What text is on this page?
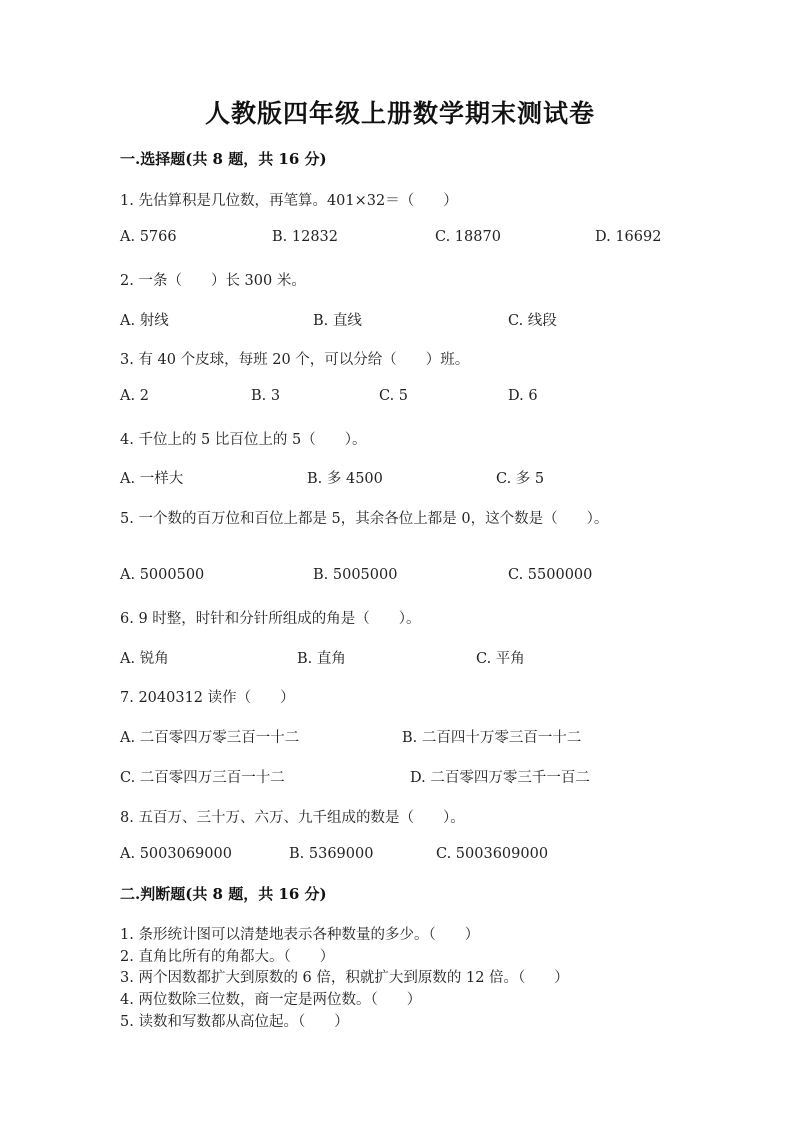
人教版四年级上册数学期末测试卷
一.选择题(共 8 题，共 16 分)
1. 先估算积是几位数，再笔算。401×32＝（　　）
A. 5766	B. 12832	C. 18870	D. 16692
2. 一条（　　）长 300 米。
A. 射线	B. 直线	C. 线段
3. 有 40 个皮球，每班 20 个，可以分给（　　）班。
A. 2	B. 3	C. 5	D. 6
4. 千位上的 5 比百位上的 5（　　）。
A. 一样大	B. 多 4500	C. 多 5
5. 一个数的百万位和百位上都是 5，其余各位上都是 0，这个数是（　　）。
A. 5000500	B. 5005000	C. 5500000
6. 9 时整，时针和分针所组成的角是（　　）。
A. 锐角	B. 直角	C. 平角
7. 2040312 读作（　　）
A. 二百零四万零三百一十二	B. 二百四十万零三百一十二
C. 二百零四万三百一十二	D. 二百零四万零三千一百二
8. 五百万、三十万、六万、九千组成的数是（　　）。
A. 5003069000	B. 5369000	C. 5003609000
二.判断题(共 8 题，共 16 分)
1. 条形统计图可以清楚地表示各种数量的多少。（　　）
2. 直角比所有的角都大。（　　）
3. 两个因数都扩大到原数的 6 倍，积就扩大到原数的 12 倍。（　　）
4. 两位数除三位数，商一定是两位数。（　　）
5. 读数和写数都从高位起。（　　）
